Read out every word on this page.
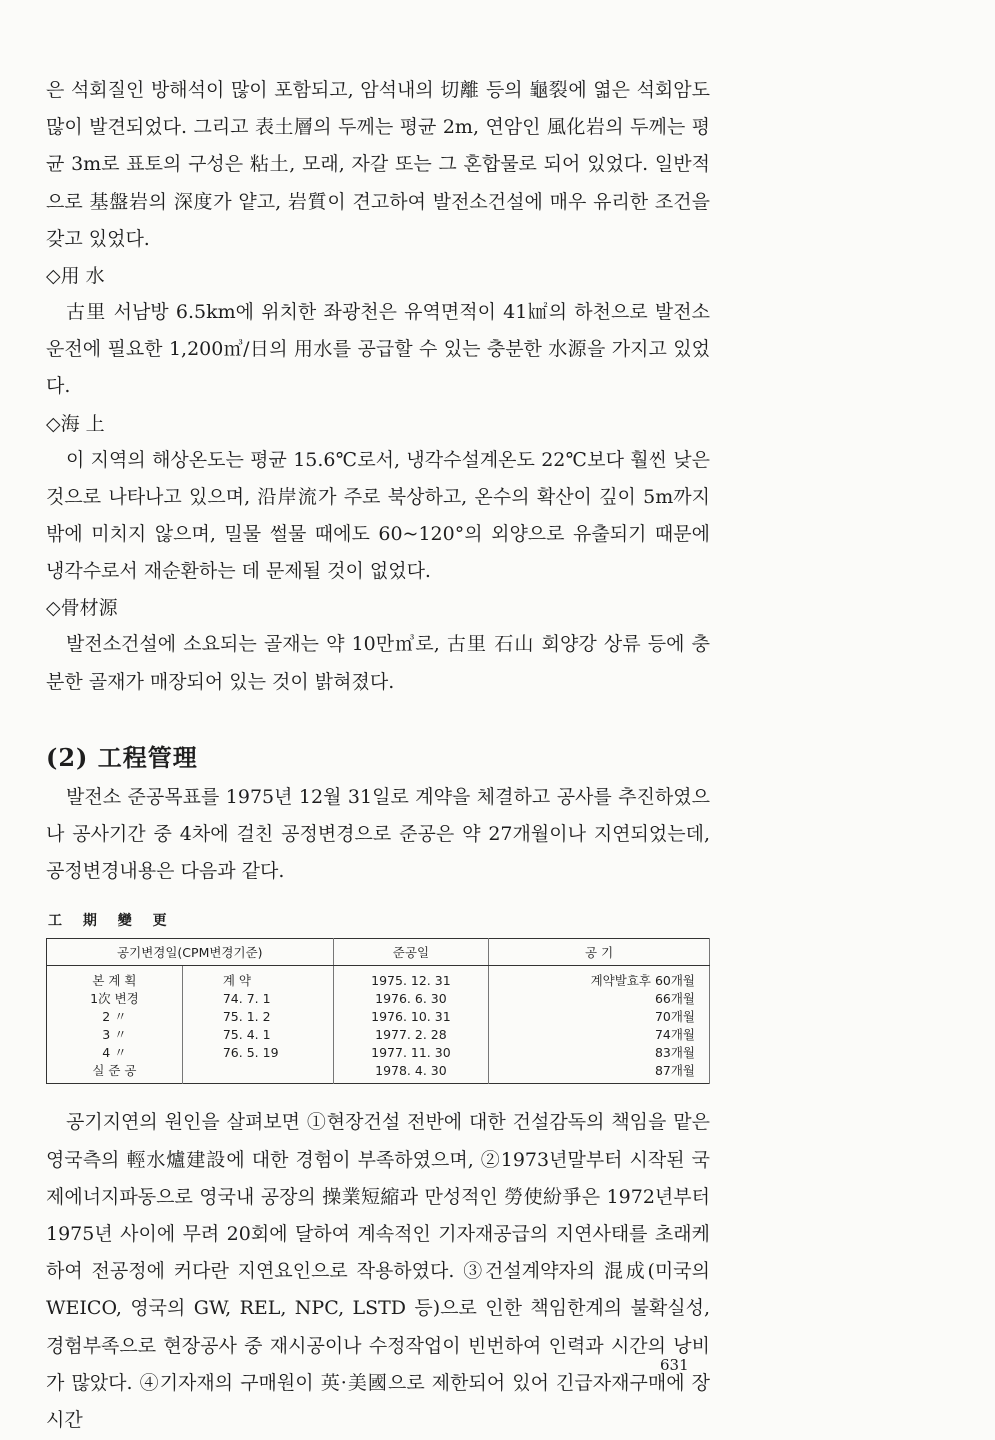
은 석회질인 방해석이 많이 포함되고, 암석내의 切離 등의 龜裂에 엷은 석회암도 많이 발견되었다. 그리고 表土層의 두께는 평균 2m, 연암인 風化岩의 두께는 평균 3m로 표토의 구성은 粘土, 모래, 자갈 또는 그 혼합물로 되어 있었다. 일반적으로 基盤岩의 深度가 얕고, 岩質이 견고하여 발전소건설에 매우 유리한 조건을 갖고 있었다.

◇用 水

古里 서남방 6.5km에 위치한 좌광천은 유역면적이 41㎢의 하천으로 발전소운전에 필요한 1,200㎥/日의 用水를 공급할 수 있는 충분한 水源을 가지고 있었다.

◇海 上

이 지역의 해상온도는 평균 15.6℃로서, 냉각수설계온도 22℃보다 훨씬 낮은 것으로 나타나고 있으며, 沿岸流가 주로 북상하고, 온수의 확산이 깊이 5m까지 밖에 미치지 않으며, 밀물 썰물 때에도 60~120°의 외양으로 유출되기 때문에 냉각수로서 재순환하는 데 문제될 것이 없었다.

◇骨材源

발전소건설에 소요되는 골재는 약 10만㎥로, 古里 石山 회양강 상류 등에 충분한 골재가 매장되어 있는 것이 밝혀졌다.

(2) 工程管理

발전소 준공목표를 1975년 12월 31일로 계약을 체결하고 공사를 추진하였으나 공사기간 중 4차에 걸친 공정변경으로 준공은 약 27개월이나 지연되었는데, 공정변경내용은 다음과 같다.

工 期 變 更
공기변경일(CPM변경기준)		준공일	공 기
본 계 획	계 약	1975. 12. 31	계약발효후 60개월
1次 변경	74. 7. 1	1976. 6. 30	66개월
2 〃	75. 1. 2	1976. 10. 31	70개월
3 〃	75. 4. 1	1977. 2. 28	74개월
4 〃	76. 5. 19	1977. 11. 30	83개월
실 준 공		1978. 4. 30	87개월

공기지연의 원인을 살펴보면 ①현장건설 전반에 대한 건설감독의 책임을 맡은 영국측의 輕水爐建設에 대한 경험이 부족하였으며, ②1973년말부터 시작된 국제에너지파동으로 영국내 공장의 操業短縮과 만성적인 勞使紛爭은 1972년부터 1975년 사이에 무려 20회에 달하여 계속적인 기자재공급의 지연사태를 초래케 하여 전공정에 커다란 지연요인으로 작용하였다. ③건설계약자의 混成(미국의 WEICO, 영국의 GW, REL, NPC, LSTD 등)으로 인한 책임한계의 불확실성, 경험부족으로 현장공사 중 재시공이나 수정작업이 빈번하여 인력과 시간의 낭비가 많았다. ④기자재의 구매원이 英·美國으로 제한되어 있어 긴급자재구매에 장시간

631
